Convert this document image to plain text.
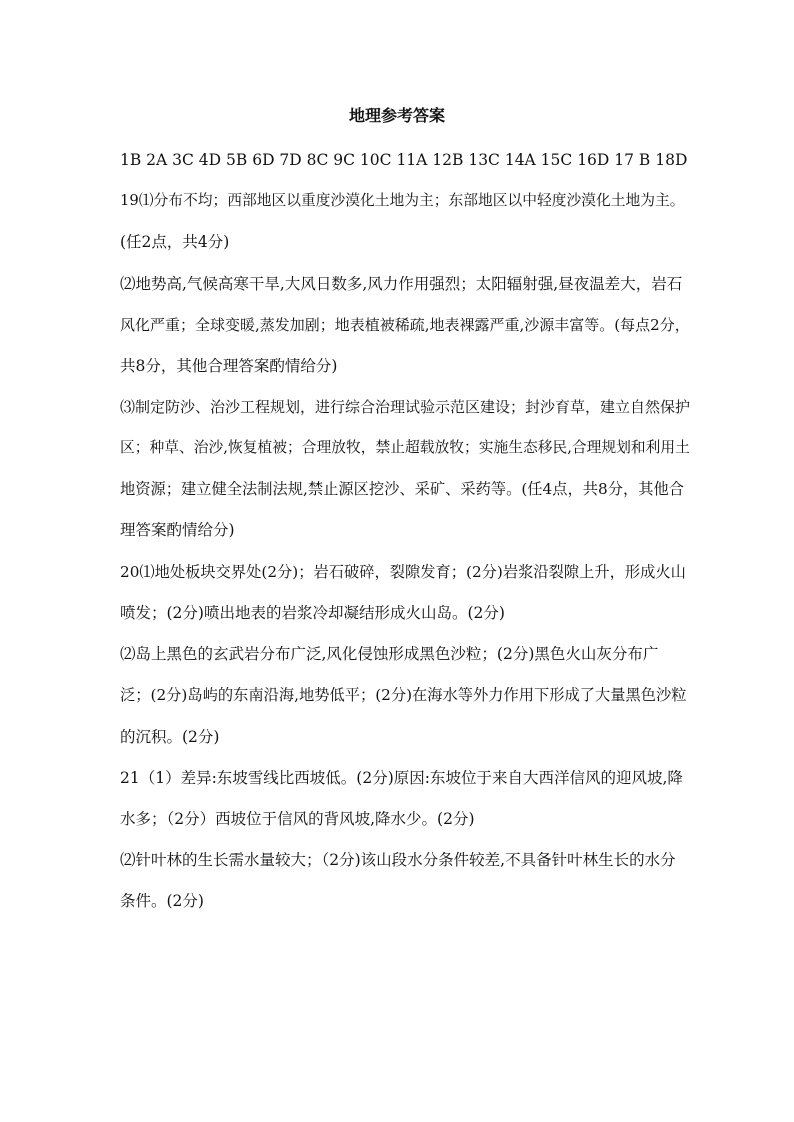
地理参考答案
1B 2A 3C 4D 5B 6D 7D 8C 9C 10C 11A 12B 13C 14A 15C 16D 17 B 18D
19⑴分布不均；西部地区以重度沙漠化土地为主；东部地区以中轻度沙漠化土地为主。
(任2点，共4分)
⑵地势高,气候高寒干旱,大风日数多,风力作用强烈；太阳辐射强,昼夜温差大，岩石
风化严重；全球变暖,蒸发加剧；地表植被稀疏,地表裸露严重,沙源丰富等。(每点2分，
共8分，其他合理答案酌情给分)
⑶制定防沙、治沙工程规划，进行综合治理试验示范区建设；封沙育草，建立自然保护
区；种草、治沙,恢复植被；合理放牧，禁止超载放牧；实施生态移民,合理规划和利用土
地资源；建立健全法制法规,禁止源区挖沙、采矿、采药等。(任4点，共8分，其他合
理答案酌情给分)
20⑴地处板块交界处(2分)；岩石破碎，裂隙发育；(2分)岩浆沿裂隙上升，形成火山
喷发；(2分)喷出地表的岩浆冷却凝结形成火山岛。(2分)
⑵岛上黑色的玄武岩分布广泛,风化侵蚀形成黑色沙粒；(2分)黑色火山灰分布广
泛；(2分)岛屿的东南沿海,地势低平；(2分)在海水等外力作用下形成了大量黑色沙粒
的沉积。(2分)
21（1）差异:东坡雪线比西坡低。(2分)原因:东坡位于来自大西洋信风的迎风坡,降
水多；（2分）西坡位于信风的背风坡,降水少。(2分)
⑵针叶林的生长需水量较大；（2分)该山段水分条件较差,不具备针叶林生长的水分
条件。(2分)
